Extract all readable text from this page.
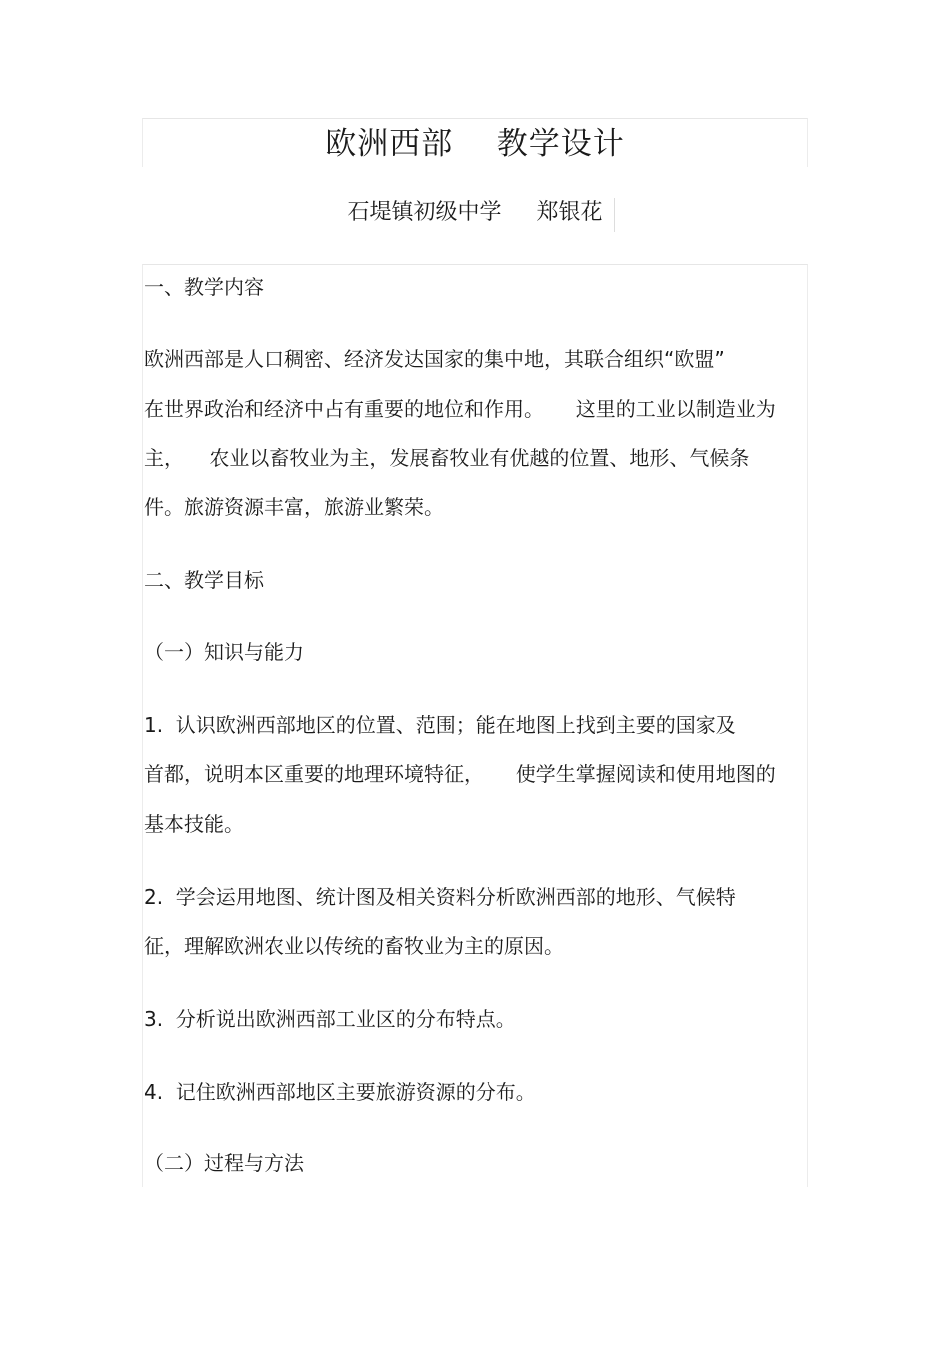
欧洲西部    教学设计
石堤镇初级中学     郑银花
一、教学内容
欧洲西部是人口稠密、经济发达国家的集中地，其联合组织“欧盟”
在世界政治和经济中占有重要的地位和作用。     这里的工业以制造业为
主，    农业以畜牧业为主，发展畜牧业有优越的位置、地形、气候条
件。旅游资源丰富，旅游业繁荣。
二、教学目标
（一）知识与能力
1.  认识欧洲西部地区的位置、范围；能在地图上找到主要的国家及
首都，说明本区重要的地理环境特征，     使学生掌握阅读和使用地图的
基本技能。
2.  学会运用地图、统计图及相关资料分析欧洲西部的地形、气候特
征，理解欧洲农业以传统的畜牧业为主的原因。
3.  分析说出欧洲西部工业区的分布特点。
4.  记住欧洲西部地区主要旅游资源的分布。
（二）过程与方法
